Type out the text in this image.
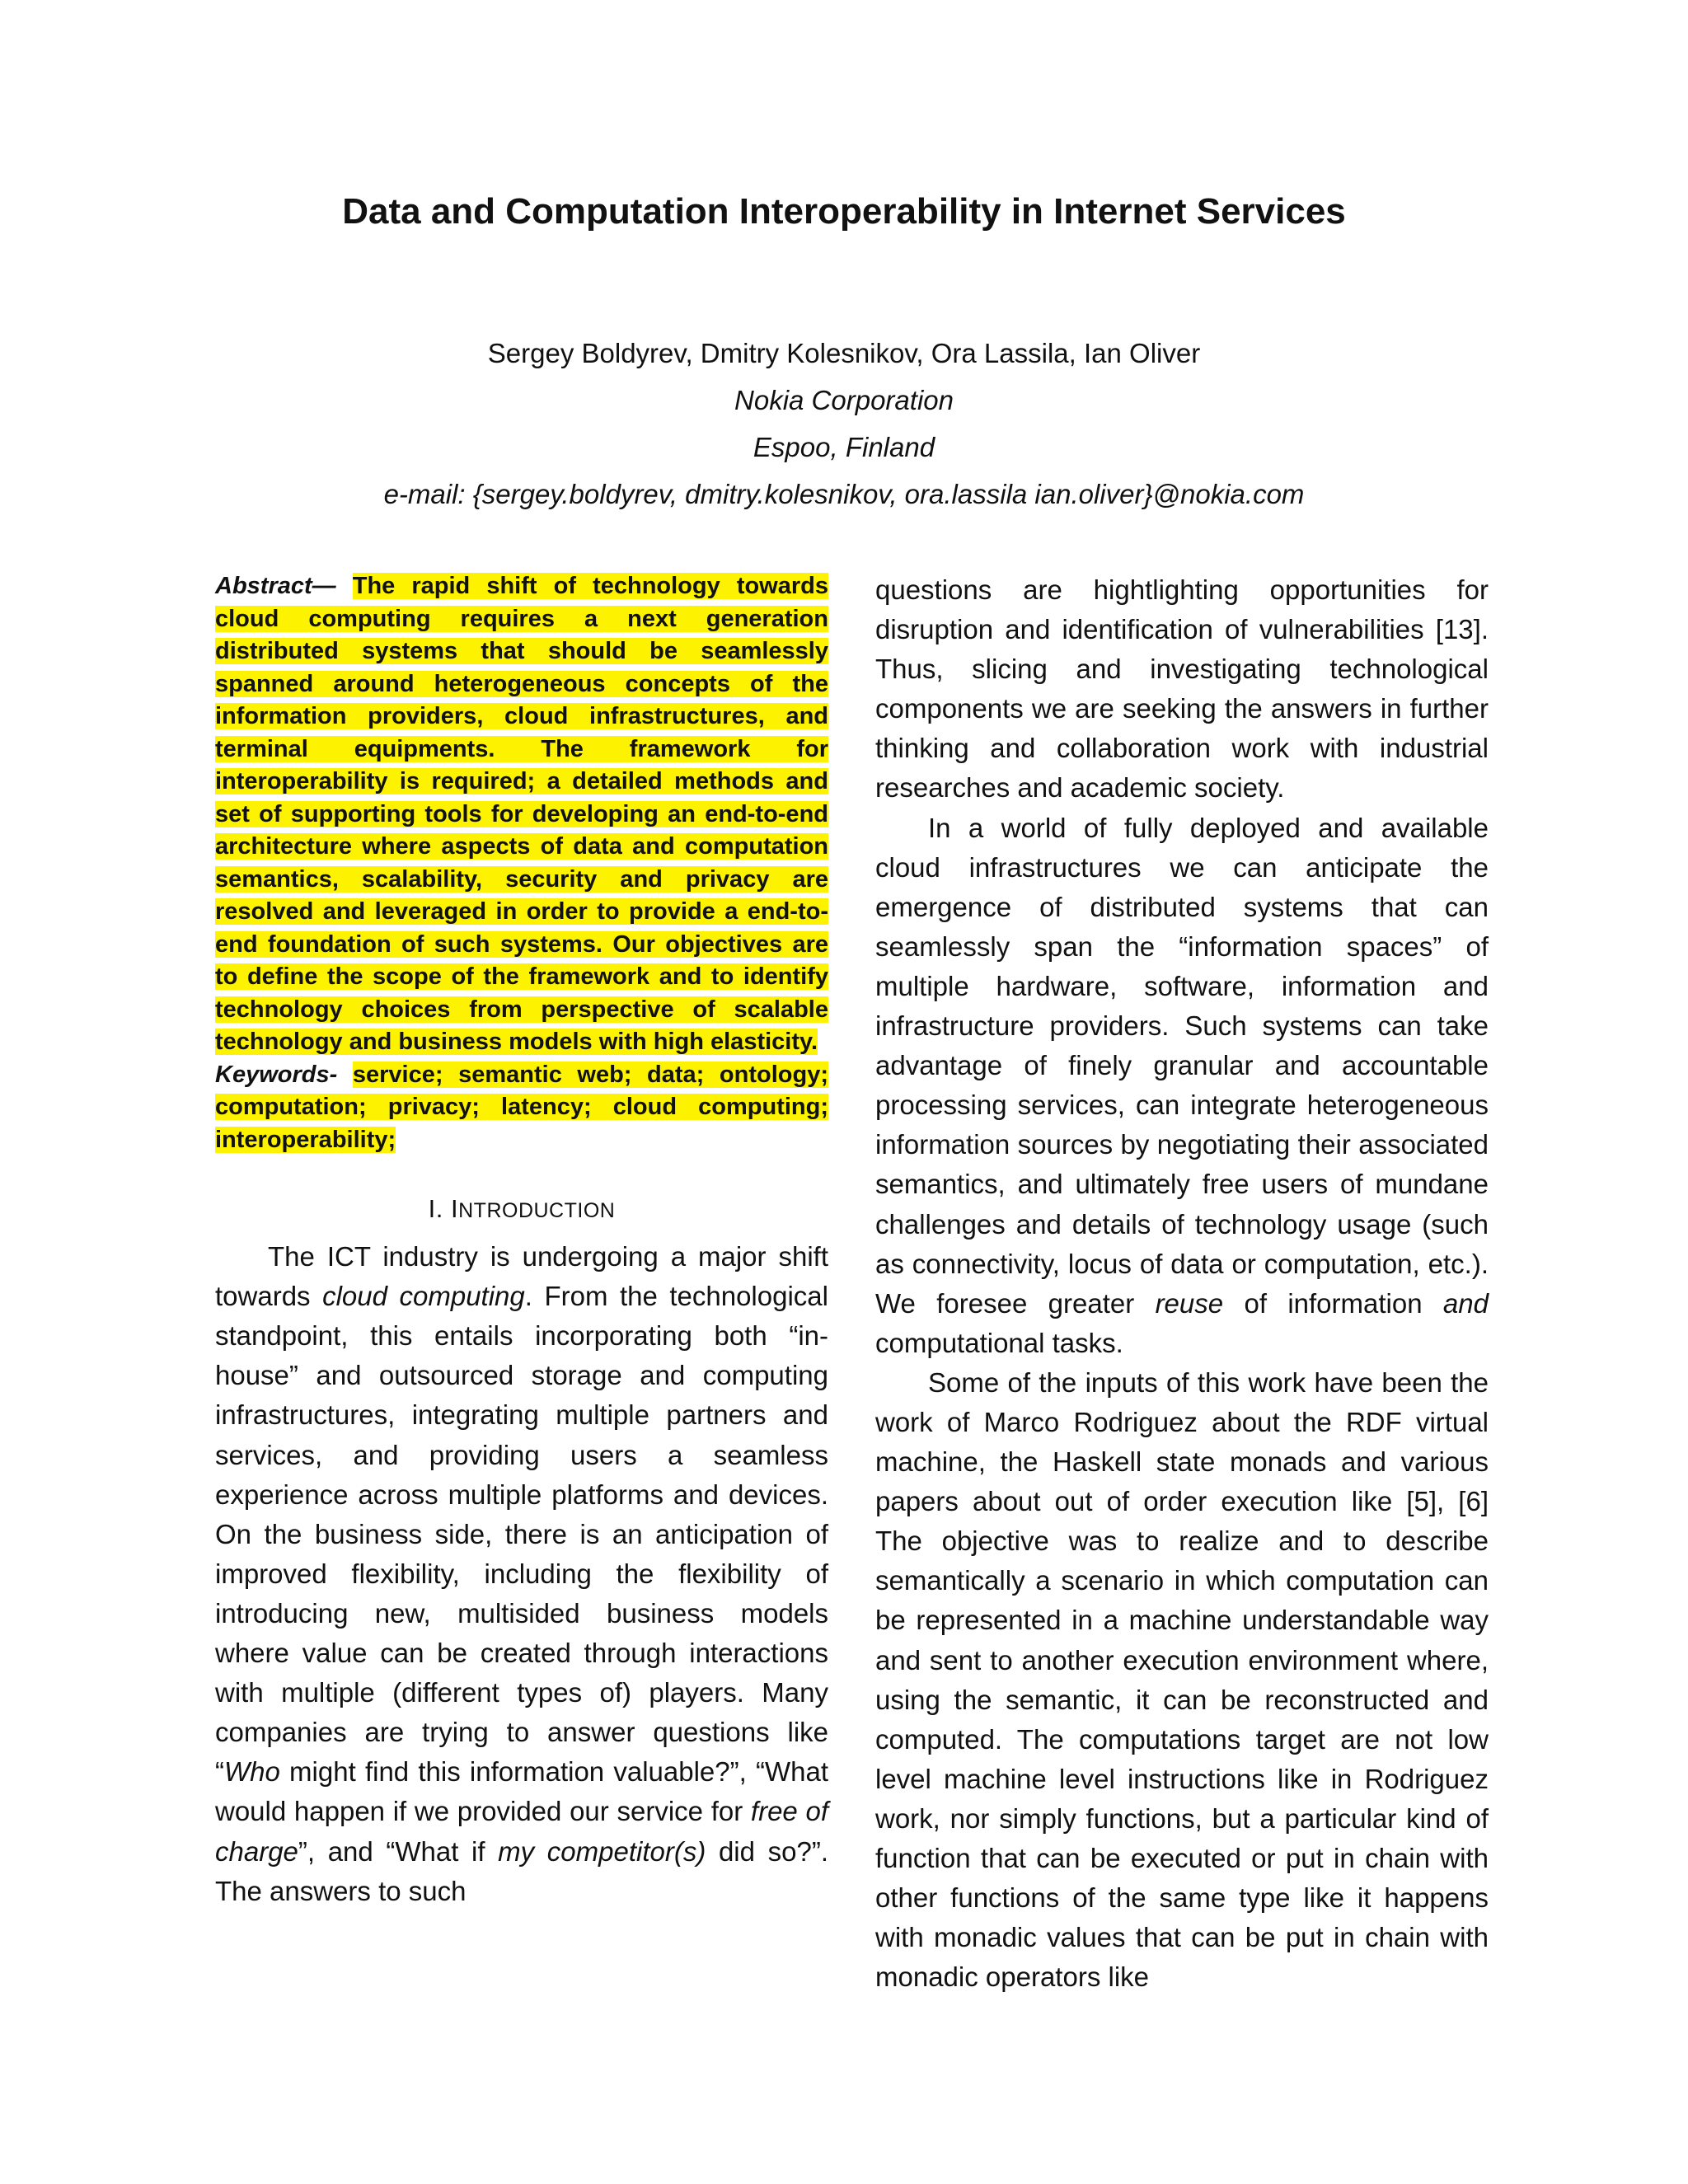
Data and Computation Interoperability in Internet Services
Sergey Boldyrev, Dmitry Kolesnikov, Ora Lassila, Ian Oliver
Nokia Corporation
Espoo, Finland
e-mail: {sergey.boldyrev, dmitry.kolesnikov, ora.lassila ian.oliver}@nokia.com

Abstract— The rapid shift of technology towards cloud computing requires a next generation distributed systems that should be seamlessly spanned around heterogeneous concepts of the information providers, cloud infrastructures, and terminal equipments. The framework for interoperability is required; a detailed methods and set of supporting tools for developing an end-to-end architecture where aspects of data and computation semantics, scalability, security and privacy are resolved and leveraged in order to provide a end-to-end foundation of such systems. Our objectives are to define the scope of the framework and to identify technology choices from perspective of scalable technology and business models with high elasticity.

Keywords- service; semantic web; data; ontology; computation; privacy; latency; cloud computing; interoperability;

I. INTRODUCTION

The ICT industry is undergoing a major shift towards cloud computing. From the technological standpoint, this entails incorporating both “in-house” and outsourced storage and computing infrastructures, integrating multiple partners and services, and providing users a seamless experience across multiple platforms and devices. On the business side, there is an anticipation of improved flexibility, including the flexibility of introducing new, multisided business models where value can be created through interactions with multiple (different types of) players. Many companies are trying to answer questions like “Who might find this information valuable?”, “What would happen if we provided our service for free of charge”, and “What if my competitor(s) did so?”. The answers to such

questions are hightlighting opportunities for disruption and identification of vulnerabilities [13]. Thus, slicing and investigating technological components we are seeking the answers in further thinking and collaboration work with industrial researches and academic society.

In a world of fully deployed and available cloud infrastructures we can anticipate the emergence of distributed systems that can seamlessly span the “information spaces” of multiple hardware, software, information and infrastructure providers. Such systems can take advantage of finely granular and accountable processing services, can integrate heterogeneous information sources by negotiating their associated semantics, and ultimately free users of mundane challenges and details of technology usage (such as connectivity, locus of data or computation, etc.). We foresee greater reuse of information and computational tasks.

Some of the inputs of this work have been the work of Marco Rodriguez about the RDF virtual machine, the Haskell state monads and various papers about out of order execution like [5], [6] The objective was to realize and to describe semantically a scenario in which computation can be represented in a machine understandable way and sent to another execution environment where, using the semantic, it can be reconstructed and computed. The computations target are not low level machine level instructions like in Rodriguez work, nor simply functions, but a particular kind of function that can be executed or put in chain with other functions of the same type like it happens with monadic values that can be put in chain with monadic operators like
